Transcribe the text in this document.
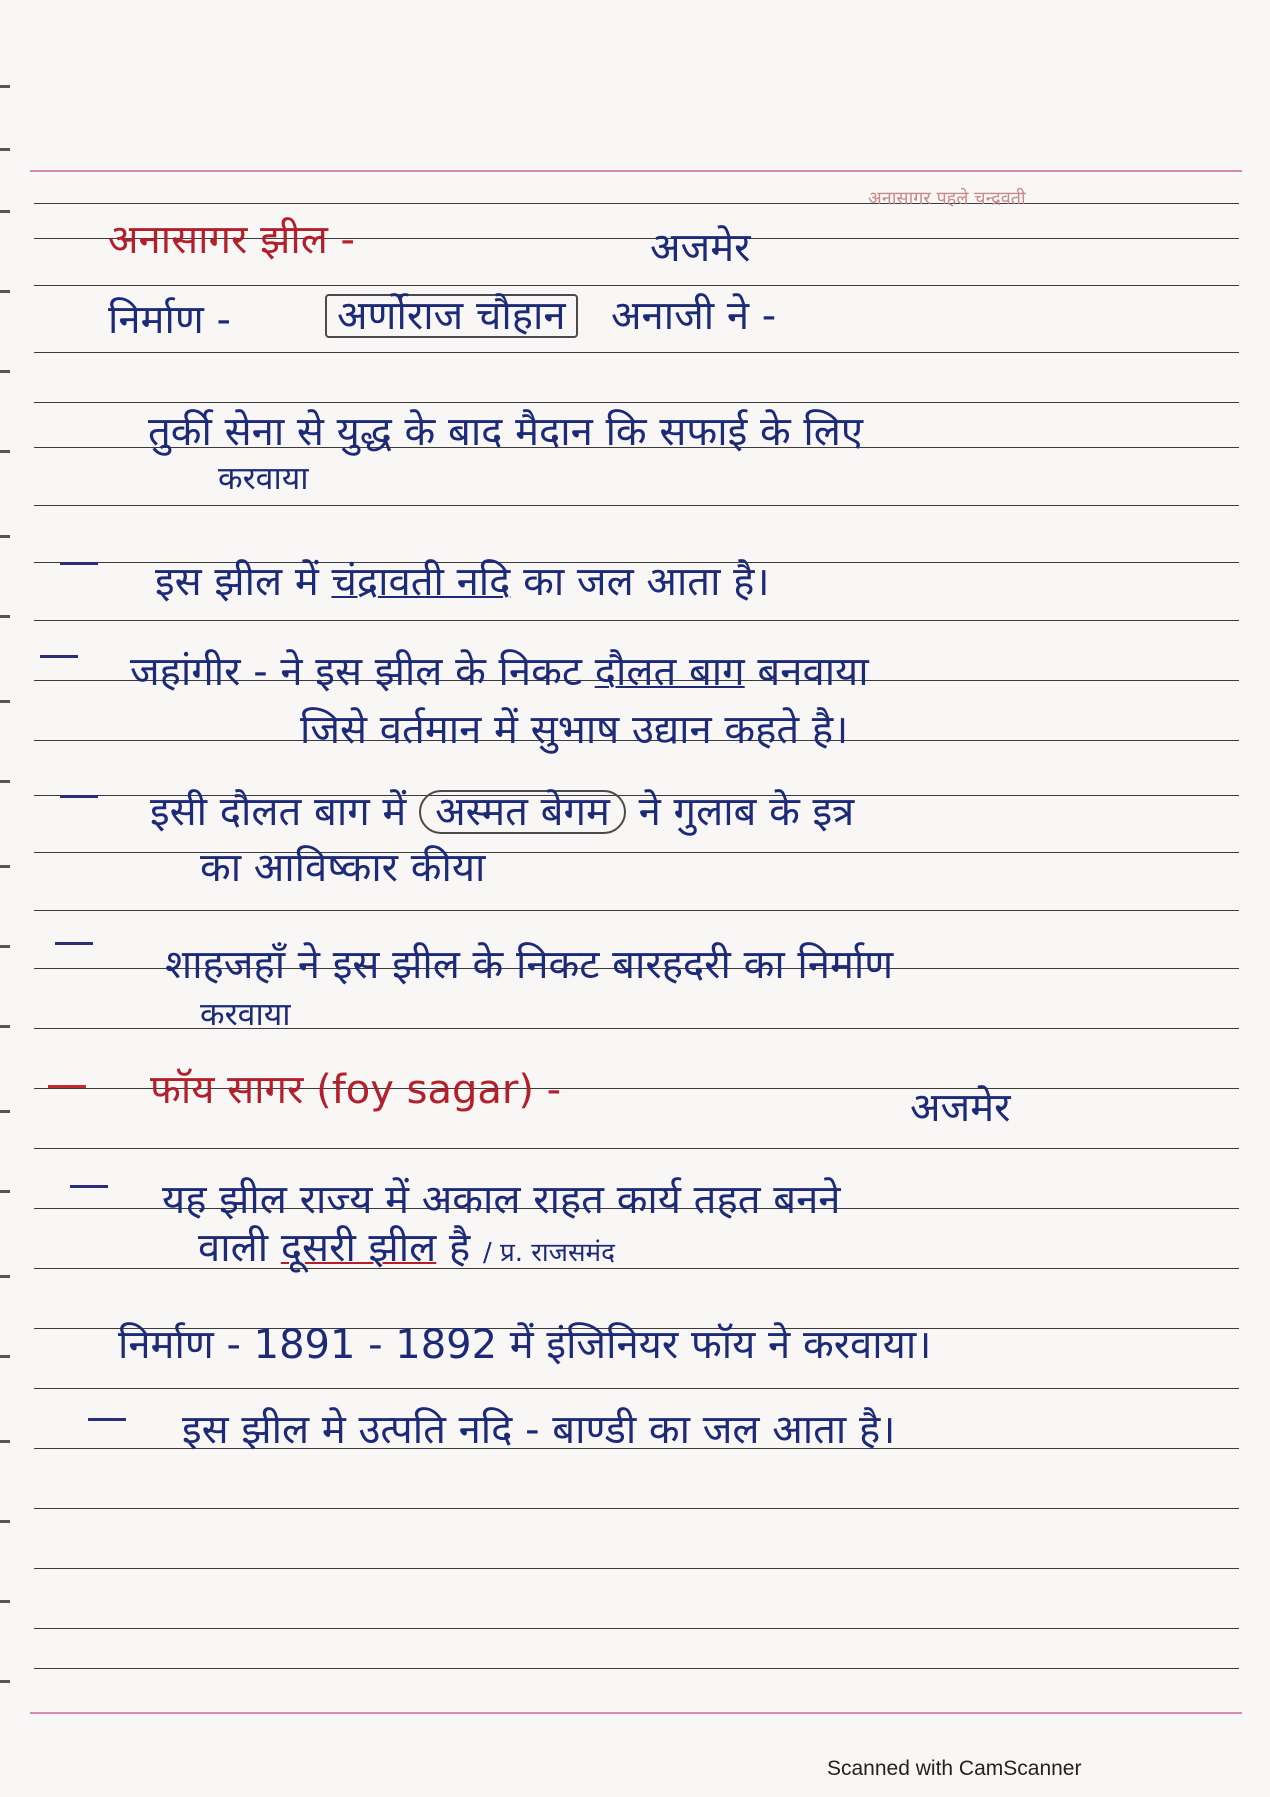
अनासागर पहले चन्द्रवती
अनासागर झील -	अजमेर
निर्माण -	अर्णोराज चौहान अनाजी ने -
तुर्की सेना से युद्ध के बाद मैदान कि सफाई के लिए
करवाया
इस झील में चंद्रावती नदि का जल आता है।
जहांगीर - ने इस झील के निकट दौलत बाग बनवाया
जिसे वर्तमान में सुभाष उद्यान कहते है।
इसी दौलत बाग में अस्मत बेगम ने गुलाब के इत्र
का आविष्कार कीया
शाहजहाँ ने इस झील के निकट बारहदरी का निर्माण
करवाया
फॉय सागर (foy sagar) -	अजमेर
यह झील राज्य में अकाल राहत कार्य तहत बनने
वाली दूसरी झील है / प्र. राजसमंद
निर्माण - 1891 - 1892 में इंजिनियर फॉय ने करवाया।
इस झील मे उत्पति नदि - बाण्डी का जल आता है।
Scanned with CamScanner
